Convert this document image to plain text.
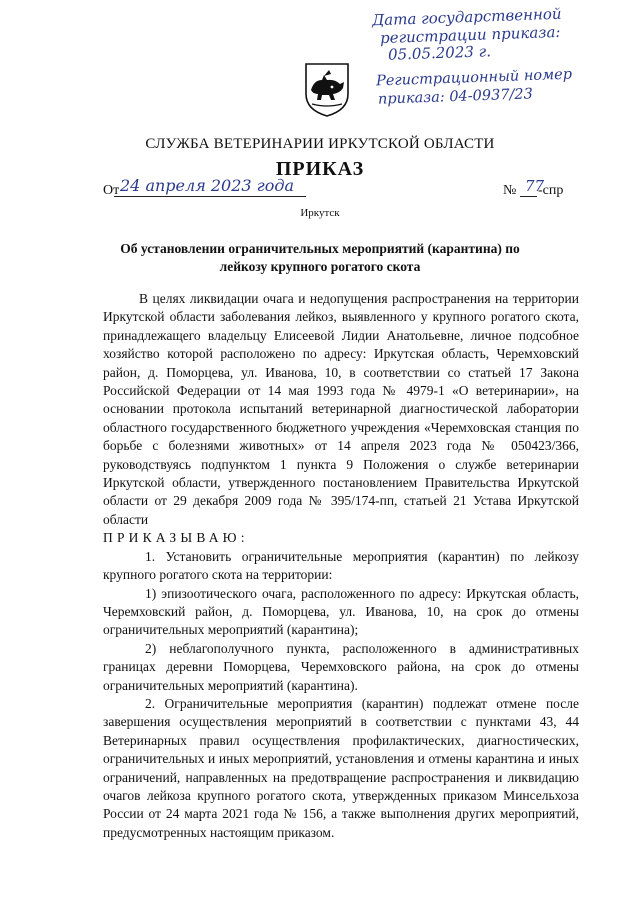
Дата государственной
регистрации приказа:
05.05.2023 г.
Регистрационный номер
приказа: 04-0937/23
СЛУЖБА ВЕТЕРИНАРИИ ИРКУТСКОЙ ОБЛАСТИ
ПРИКАЗ
От 24 апреля 2023 года	№ 77
-спр
Иркутск
Об установлении ограничительных мероприятий (карантина) по лейкозу крупного рогатого скота

В целях ликвидации очага и недопущения распространения на территории Иркутской области заболевания лейкоз, выявленного у крупного рогатого скота, принадлежащего владельцу Елисеевой Лидии Анатольевне, личное подсобное хозяйство которой расположено по адресу: Иркутская область, Черемховский район, д. Поморцева, ул. Иванова, 10, в соответствии со статьей 17 Закона Российской Федерации от 14 мая 1993 года № 4979-1 «О ветеринарии», на основании протокола испытаний ветеринарной диагностической лаборатории областного государственного бюджетного учреждения «Черемховская станция по борьбе с болезнями животных» от 14 апреля 2023 года № 050423/366, руководствуясь подпунктом 1 пункта 9 Положения о службе ветеринарии Иркутской области, утвержденного постановлением Правительства Иркутской области от 29 декабря 2009 года № 395/174-пп, статьей 21 Устава Иркутской области

ПРИКАЗЫВАЮ:

1. Установить ограничительные мероприятия (карантин) по лейкозу крупного рогатого скота на территории:

1) эпизоотического очага, расположенного по адресу: Иркутская область, Черемховский район, д. Поморцева, ул. Иванова, 10, на срок до отмены ограничительных мероприятий (карантина);

2) неблагополучного пункта, расположенного в административных границах деревни Поморцева, Черемховского района, на срок до отмены ограничительных мероприятий (карантина).

2. Ограничительные мероприятия (карантин) подлежат отмене после завершения осуществления мероприятий в соответствии с пунктами 43, 44 Ветеринарных правил осуществления профилактических, диагностических, ограничительных и иных мероприятий, установления и отмены карантина и иных ограничений, направленных на предотвращение распространения и ликвидацию очагов лейкоза крупного рогатого скота, утвержденных приказом Минсельхоза России от 24 марта 2021 года № 156, а также выполнения других мероприятий, предусмотренных настоящим приказом.
